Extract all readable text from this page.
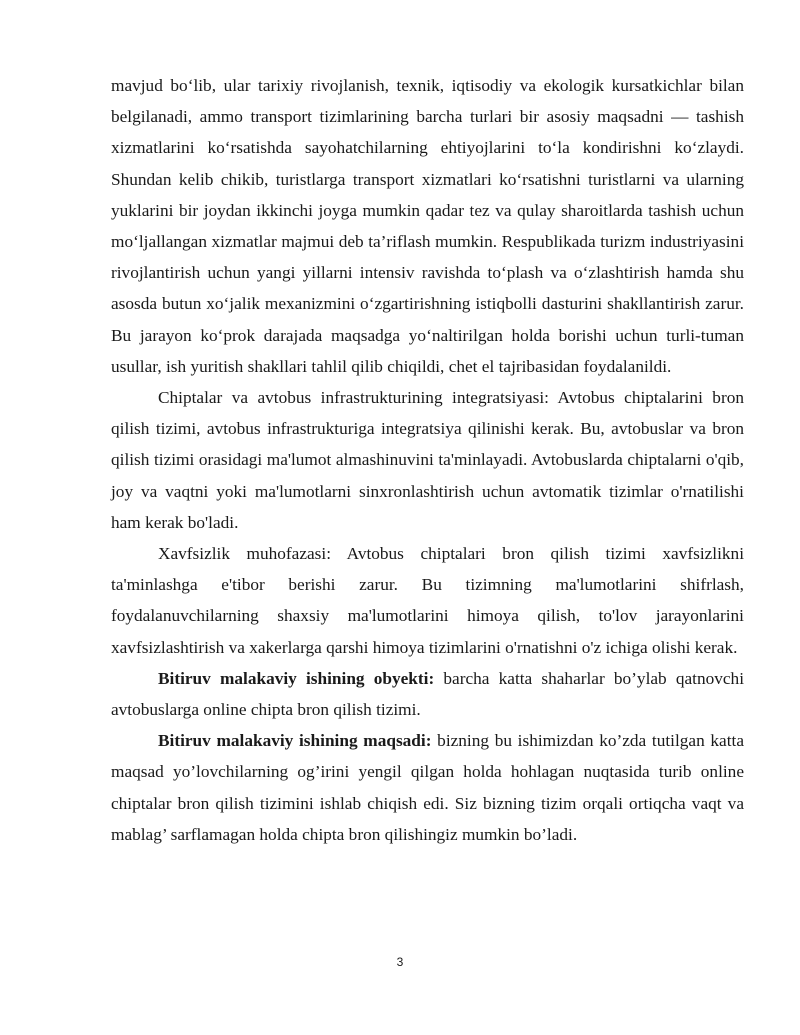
mavjud bo‘lib, ular tarixiy rivojlanish, texnik, iqtisodiy va ekologik kursatkichlar bilan belgilanadi, ammo transport tizimlarining barcha turlari bir asosiy maqsadni — tashish xizmatlarini ko‘rsatishda sayohatchilarning ehtiyojlarini to‘la kondirishni ko‘zlaydi. Shundan kelib chikib, turistlarga transport xizmatlari ko‘rsatishni turistlarni va ularning yuklarini bir joydan ikkinchi joyga mumkin qadar tez va qulay sharoitlarda tashish uchun mo‘ljallangan xizmatlar majmui deb ta’riflash mumkin. Respublikada turizm industriyasini rivojlantirish uchun yangi yillarni intensiv ravishda to‘plash va o‘zlashtirish hamda shu asosda butun xo‘jalik mexanizmini o‘zgartirishning istiqbolli dasturini shakllantirish zarur. Bu jarayon ko‘prok darajada maqsadga yo‘naltirilgan holda borishi uchun turli-tuman usullar, ish yuritish shakllari tahlil qilib chiqildi, chet el tajribasidan foydalanildi.

Chiptalar va avtobus infrastrukturining integratsiyasi: Avtobus chiptalarini bron qilish tizimi, avtobus infrastrukturiga integratsiya qilinishi kerak. Bu, avtobuslar va bron qilish tizimi orasidagi ma'lumot almashinuvini ta'minlayadi. Avtobuslarda chiptalarni o'qib, joy va vaqtni yoki ma'lumotlarni sinxronlashtirish uchun avtomatik tizimlar o'rnatilishi ham kerak bo'ladi.

Xavfsizlik muhofazasi: Avtobus chiptalari bron qilish tizimi xavfsizlikni ta'minlashga e'tibor berishi zarur. Bu tizimning ma'lumotlarini shifrlash, foydalanuvchilarning shaxsiy ma'lumotlarini himoya qilish, to'lov jarayonlarini xavfsizlashtirish va xakerlarga qarshi himoya tizimlarini o'rnatishni o'z ichiga olishi kerak.

Bitiruv malakaviy ishining obyekti: barcha katta shaharlar bo’ylab qatnovchi avtobuslarga online chipta bron qilish tizimi.

Bitiruv malakaviy ishining maqsadi: bizning bu ishimizdan ko’zda tutilgan katta maqsad yo’lovchilarning og’irini yengil qilgan holda hohlagan nuqtasida turib online chiptalar bron qilish tizimini ishlab chiqish edi. Siz bizning tizim orqali ortiqcha vaqt va mablag’ sarflamagan holda chipta bron qilishingiz mumkin bo’ladi.

3
